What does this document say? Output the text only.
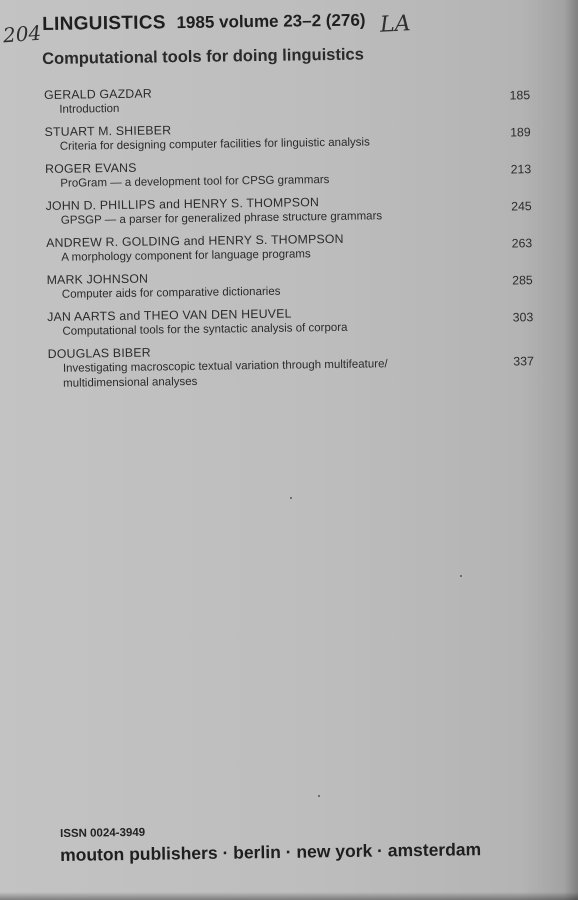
204	LA
LINGUISTICS 1985 volume 23–2 (276)
Computational tools for doing linguistics
GERALD GAZDAR
Introduction
185
STUART M. SHIEBER
Criteria for designing computer facilities for linguistic analysis
189
ROGER EVANS
ProGram — a development tool for CPSG grammars
213
JOHN D. PHILLIPS and HENRY S. THOMPSON
GPSGP — a parser for generalized phrase structure grammars
245
ANDREW R. GOLDING and HENRY S. THOMPSON
A morphology component for language programs
263
MARK JOHNSON
Computer aids for comparative dictionaries
285
JAN AARTS and THEO VAN DEN HEUVEL
Computational tools for the syntactic analysis of corpora
303
DOUGLAS BIBER
Investigating macroscopic textual variation through multifeature/
multidimensional analyses
337
ISSN 0024-3949
mouton publishers · berlin · new york · amsterdam
